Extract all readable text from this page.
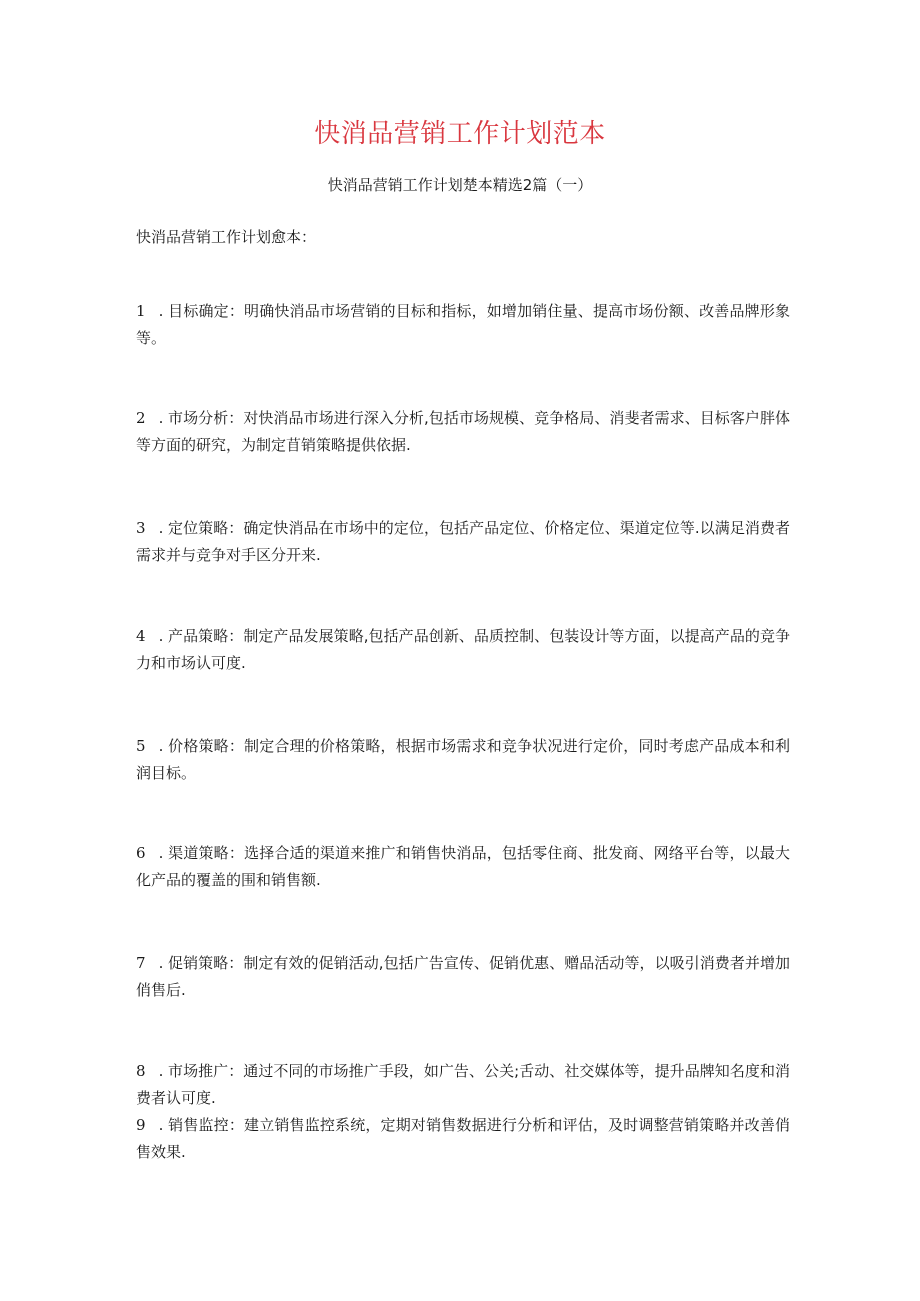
快消品营销工作计划范本
快消品营销工作计划楚本精选2篇（一）
快消品营销工作计划愈本：
1 . 目标确定：明确快消品市场营销的目标和指标，如增加销住量、提高市场份额、改善品牌形象等。
2 . 市场分析：对快消品市场进行深入分析,包括市场规模、竞争格局、消斐者需求、目标客户胖体等方面的研究，为制定苜销策略提供依据.
3 . 定位策略：确定快消品在市场中的定位，包括产品定位、价格定位、渠道定位等.以满足消费者需求并与竞争对手区分开来.
4 . 产品策略：制定产品发展策略,包括产品创新、品质控制、包装设计等方面，以提高产品的竞争力和市场认可度.
5 . 价格策略：制定合理的价格策略，根据市场需求和竞争状况进行定价，同时考虑产品成本和利润目标。
6 . 渠道策略：选择合适的渠道来推广和销售快消品，包括零住商、批发商、网络平台等，以最大化产品的覆盖的围和销售额.
7 . 促销策略：制定有效的促销活动,包括广告宣传、促销优惠、赠品活动等，以吸引消费者并增加俏售后.
8 . 市场推广：通过不同的市场推广手段，如广告、公关;舌动、社交媒体等，提升品牌知名度和消费者认可度.
9 . 销售监控：建立销售监控系统，定期对销售数据进行分析和评估，及时调整营销策略并改善俏售效果.
